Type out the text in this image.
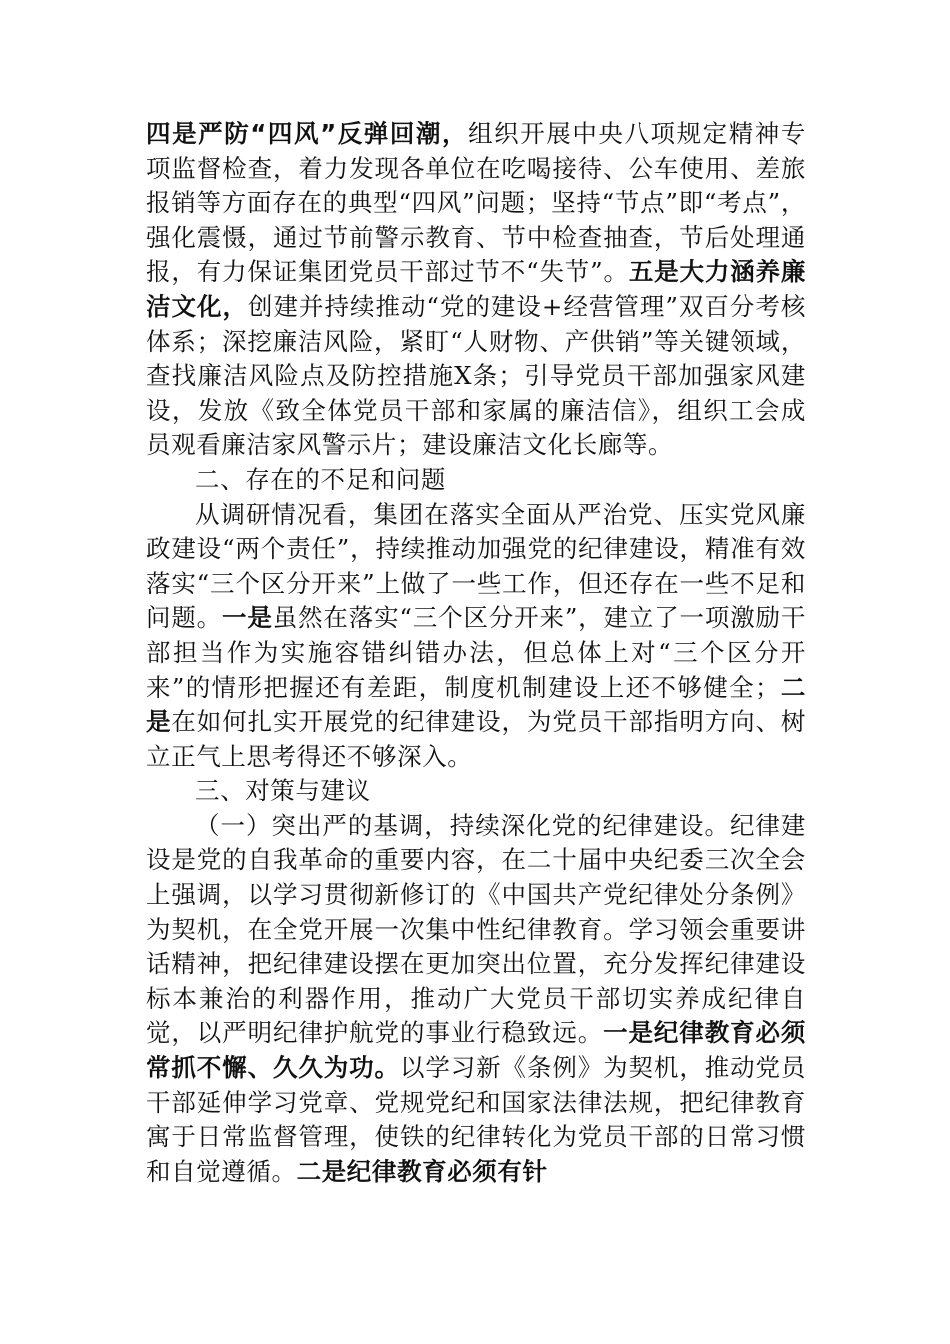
四是严防“四风”反弹回潮，组织开展中央八项规定精神专项监督检查，着力发现各单位在吃喝接待、公车使用、差旅报销等方面存在的典型“四风”问题；坚持“节点”即“考点”，强化震慑，通过节前警示教育、节中检查抽查，节后处理通报，有力保证集团党员干部过节不“失节”。五是大力涵养廉洁文化，创建并持续推动“党的建设+经营管理”双百分考核体系；深挖廉洁风险，紧盯“人财物、产供销”等关键领域，查找廉洁风险点及防控措施X条；引导党员干部加强家风建设，发放《致全体党员干部和家属的廉洁信》，组织工会成员观看廉洁家风警示片；建设廉洁文化长廊等。

二、存在的不足和问题

从调研情况看，集团在落实全面从严治党、压实党风廉政建设“两个责任”，持续推动加强党的纪律建设，精准有效落实“三个区分开来”上做了一些工作，但还存在一些不足和问题。一是虽然在落实“三个区分开来”，建立了一项激励干部担当作为实施容错纠错办法，但总体上对“三个区分开来”的情形把握还有差距，制度机制建设上还不够健全；二是在如何扎实开展党的纪律建设，为党员干部指明方向、树立正气上思考得还不够深入。

三、对策与建议

（一）突出严的基调，持续深化党的纪律建设。纪律建设是党的自我革命的重要内容，在二十届中央纪委三次全会上强调，以学习贯彻新修订的《中国共产党纪律处分条例》为契机，在全党开展一次集中性纪律教育。学习领会重要讲话精神，把纪律建设摆在更加突出位置，充分发挥纪律建设标本兼治的利器作用，推动广大党员干部切实养成纪律自觉，以严明纪律护航党的事业行稳致远。一是纪律教育必须常抓不懈、久久为功。以学习新《条例》为契机，推动党员干部延伸学习党章、党规党纪和国家法律法规，把纪律教育寓于日常监督管理，使铁的纪律转化为党员干部的日常习惯和自觉遵循。二是纪律教育必须有针
